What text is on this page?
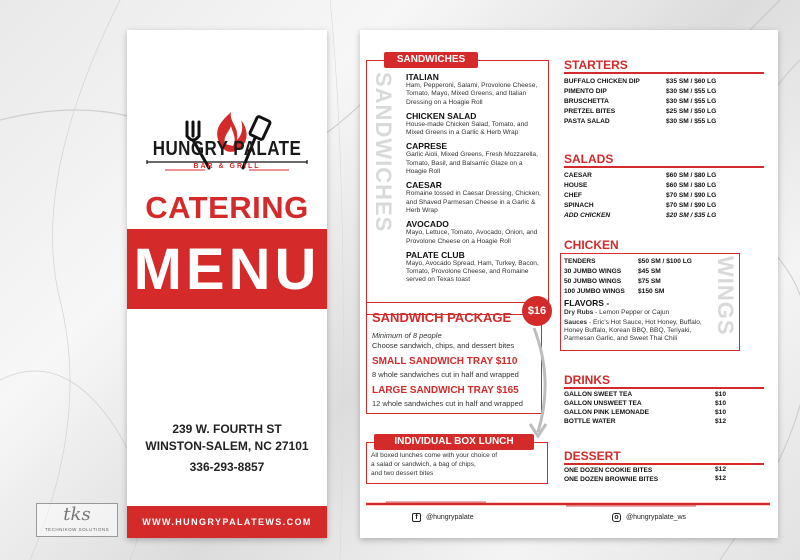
HUNGRY PALATE
BAR & GRILL
CATERING
MENU
239 W. FOURTH ST
WINSTON-SALEM, NC 27101
336-293-8857
WWW.HUNGRYPALATEWS.COM
tks
TECHNIKOW SOLUTIONS
SANDWICHES
SANDWICHES ITALIAN
Ham, Pepperoni, Salami, Provolone Cheese, Tomato, Mayo, Mixed Greens, and Italian Dressing on a Hoagie Roll
CHICKEN SALAD
House-made Chicken Salad, Tomato, and Mixed Greens in a Garlic & Herb Wrap
CAPRESE
Garlic Aioli, Mixed Greens, Fresh Mozzarella, Tomato, Basil, and Balsamic Glaze on a Hoagie Roll
CAESAR
Romaine tossed in Caesar Dressing, Chicken, and Shaved Parmesan Cheese in a Garlic & Herb Wrap
AVOCADO
Mayo, Lettuce, Tomato, Avocado, Onion, and Provolone Cheese on a Hoagie Roll
PALATE CLUB
Mayo, Avocado Spread, Ham, Turkey, Bacon, Tomato, Provolone Cheese, and Romaine served on Texas toast
$16
SANDWICH PACKAGE
Minimum of 8 people
Choose sandwich, chips, and dessert bites
SMALL SANDWICH TRAY $110
8 whole sandwiches cut in half and wrapped
LARGE SANDWICH TRAY $165
12 whole sandwiches cut in half and wrapped
INDIVIDUAL BOX LUNCH
All boxed lunches come with your choice of
a salad or sandwich, a bag of chips,
and two dessert bites
STARTERS
BUFFALO CHICKEN DIP	$35 SM / $60 LG
PIMENTO DIP	$30 SM / $55 LG
BRUSCHETTA	$30 SM / $55 LG
PRETZEL BITES	$25 SM / $50 LG
PASTA SALAD	$30 SM / $55 LG
SALADS
CAESAR	$60 SM / $80 LG
HOUSE	$60 SM / $80 LG
CHEF	$70 SM / $90 LG
SPINACH	$70 SM / $90 LG
ADD CHICKEN	$20 SM / $35 LG
CHICKEN
WINGS
TENDERS	$50 SM / $100 LG
30 JUMBO WINGS	$45 SM
50 JUMBO WINGS	$75 SM
100 JUMBO WINGS $150 SM
FLAVORS -
Dry Rubs - Lemon Pepper or Cajun
Sauces - Eric's Hot Sauce, Hot Honey, Buffalo, Honey Buffalo, Korean BBQ, BBQ, Teriyaki, Parmesan Garlic, and Sweet Thai Chili
DRINKS
GALLON SWEET TEA	$10
GALLON UNSWEET TEA	$10
GALLON PINK LEMONADE	$10
BOTTLE WATER	$12
DESSERT
ONE DOZEN COOKIE BITES	$12
ONE DOZEN BROWNIE BITES	$12
f	@hungrypalate	o	@hungrypalate_ws
